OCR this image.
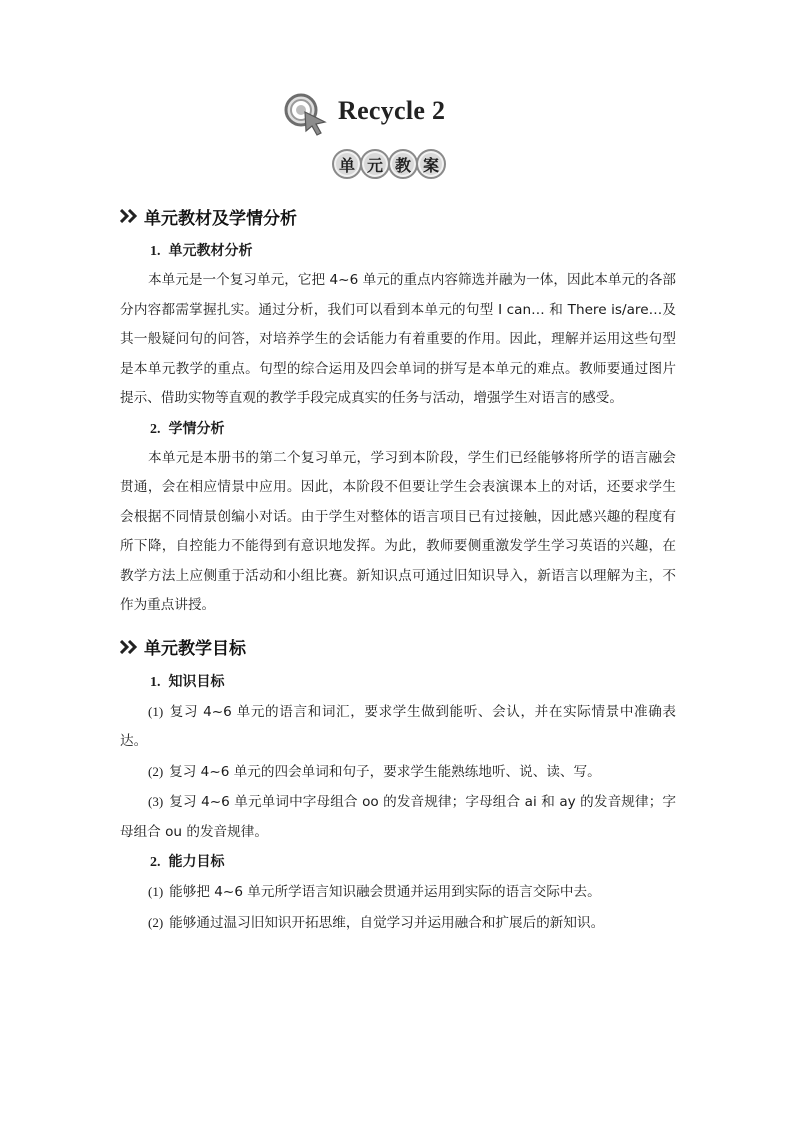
Recycle 2
单 元 教 案
单元教材及学情分析
1. 单元教材分析

本单元是一个复习单元，它把 4~6 单元的重点内容筛选并融为一体，因此本单元的各部分内容都需掌握扎实。通过分析，我们可以看到本单元的句型 I can… 和 There is/are…及其一般疑问句的问答，对培养学生的会话能力有着重要的作用。因此，理解并运用这些句型是本单元教学的重点。句型的综合运用及四会单词的拼写是本单元的难点。教师要通过图片提示、借助实物等直观的教学手段完成真实的任务与活动，增强学生对语言的感受。

2. 学情分析

本单元是本册书的第二个复习单元，学习到本阶段，学生们已经能够将所学的语言融会贯通，会在相应情景中应用。因此，本阶段不但要让学生会表演课本上的对话，还要求学生会根据不同情景创编小对话。由于学生对整体的语言项目已有过接触，因此感兴趣的程度有所下降，自控能力不能得到有意识地发挥。为此，教师要侧重激发学生学习英语的兴趣，在教学方法上应侧重于活动和小组比赛。新知识点可通过旧知识导入，新语言以理解为主，不作为重点讲授。

单元教学目标
1. 知识目标

(1) 复习 4~6 单元的语言和词汇，要求学生做到能听、会认，并在实际情景中准确表达。

(2) 复习 4~6 单元的四会单词和句子，要求学生能熟练地听、说、读、写。

(3) 复习 4~6 单元单词中字母组合 oo 的发音规律；字母组合 ai 和 ay 的发音规律；字母组合 ou 的发音规律。

2. 能力目标

(1) 能够把 4~6 单元所学语言知识融会贯通并运用到实际的语言交际中去。

(2) 能够通过温习旧知识开拓思维，自觉学习并运用融合和扩展后的新知识。
